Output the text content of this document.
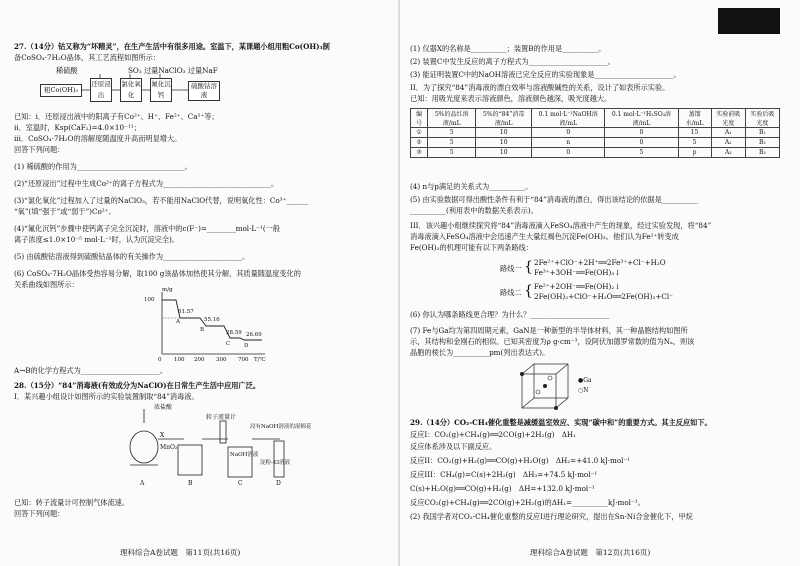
27.（14分）钴又称为“坏精灵”，在生产生活中有很多用途。室温下，某课题小组用粗Co(OH)₃制
备CoSO₄·7H₂O晶体，其工艺流程如图所示：
稀硫酸	SO₂ 过量NaClO₃ 过量NaF
粗Co(OH)₃
还原浸出
氯化氧化
氟化沉钙
硫酸钴溶液
已知：i．还原浸出液中的阳离子有Co²⁺、H⁺、Fe²⁺、Ca²⁺等；
ii．室温时，Ksp(CaF₂)=4.0×10⁻¹¹；
iii．CoSO₄·7H₂O的溶解度随温度升高而明显增大。
回答下列问题：
(1) 稀硫酸的作用为______________________________。
(2)“还原浸出”过程中生成Co²⁺的离子方程式为______________________________。
(3)“氯化氧化”过程加入了过量的NaClO₃，若不能用NaClO代替，说明氧化性：Co³⁺______
“氧”(填“强于”或“弱于”)Co²⁺。
(4)“氟化沉钙”步骤中使钙离子完全沉淀时，溶液中的c(F⁻)=________mol·L⁻¹(一般
离子浓度≤1.0×10⁻⁵ mol·L⁻¹时，认为沉淀完全)。
(5) 由硫酸钴溶液得到硫酸钴晶体的有关操作为______________________。
(6) CoSO₄·7H₂O晶体受热容易分解，取100 g该晶体加热使其分解，其质量随温度变化的
关系曲线如图所示：
m/g
100
61.57
A	55.16
B	28.59
C
26.69
D
0 100 200 300 700 T/℃
A→B的化学方程式为______________________。
28.（15分）“84”消毒液(有效成分为NaClO)在日常生产生活中应用广泛。
I．某兴趣小组设计如图所示的实验装置制取“84”消毒液。
浓盐酸
X
MnO₂
转子流量计
NaOH溶液
浸有NaOH溶液的湿棉花
淀粉-KI溶液
A	B	C	D
已知：转子流量计可控制气体流速。
回答下列问题：
理科综合A卷试题　第11页(共16页)
(1) 仪器X的名称是__________；装置B的作用是__________。
(2) 装置C中发生反应的离子方程式为______________________。
(3) 能证明装置C中的NaOH溶液已完全反应的实验现象是______________________。
II．为了探究“84”消毒液的漂白效率与溶液酸碱性的关系，设计了如表所示实验。
已知：用吸光度来表示溶液颜色，溶液颜色越深，吸光度越大。
编号	5%的品红溶液/mL	5%的“84”消毒液/mL	0.1 mol·L⁻¹NaOH溶液/mL	0.1 mol·L⁻¹H₂SO₄溶液/mL	蒸馏水/mL	实验前吸光度	实验后吸光度
①	5	10	0	0	15	A₁	B₁
②	5	10	n	0	5	A₂	B₂
③	5	10	0	5	p	A₃	B₃
(4) n与p满足的关系式为__________。
(5) 由实验数据可得出酸性条件有利于“84”消毒液的漂白，得出该结论的依据是__________
__________(利用表中的数据关系表示)。
III．该兴趣小组继续探究将“84”消毒液滴入FeSO₄溶液中产生的现象，经过实验发现，将“84”
消毒液滴入FeSO₄溶液中会迅速产生大量红褐色沉淀Fe(OH)₃。他们认为Fe²⁺转变成
Fe(OH)₃的机理可能有以下两条路线：
路线一 { 2Fe²⁺+ClO⁻+2H⁺══2Fe³⁺+Cl⁻+H₂O
Fe³⁺+3OH⁻══Fe(OH)₃↓
路线二 { Fe²⁺+2OH⁻══Fe(OH)₂↓
2Fe(OH)₂+ClO⁻+H₂O══2Fe(OH)₃+Cl⁻
(6) 你认为哪条路线更合理？为什么？______________________
(7) Fe与Ga均为第四周期元素，GaN是一种新型的半导体材料，其一种晶胞结构如图所
示，其结构和金刚石的相似。已知其密度为ρ g·cm⁻³，设阿伏加德罗常数的值为Nₐ，则该
晶胞的棱长为__________pm(列出表达式)。
●Ga
○N
29.（14分）CO₂-CH₄催化重整是减缓温室效应、实现“碳中和”的重要方式。其主反应如下。
反应I：CO₂(g)+CH₄(g)══2CO(g)+2H₂(g)　ΔH₁
反应体系涉及以下副反应。
反应II：CO₂(g)+H₂(g)══CO(g)+H₂O(g)　ΔH₂=+41.0 kJ·mol⁻¹
反应III：CH₄(g)=C(s)+2H₂(g)　ΔH₃=+74.5 kJ·mol⁻¹
C(s)+H₂O(g)══CO(g)+H₂(g)　ΔH=+132.0 kJ·mol⁻¹
反应CO₂(g)+CH₄(g)══2CO(g)+2H₂(g)的ΔH₁=__________kJ·mol⁻¹。
(2) 我国学者对CO₂-CH₄催化重整的反应I进行理论研究，提出在Sn-Ni合金催化下，甲烷
理科综合A卷试题　第12页(共16页)
